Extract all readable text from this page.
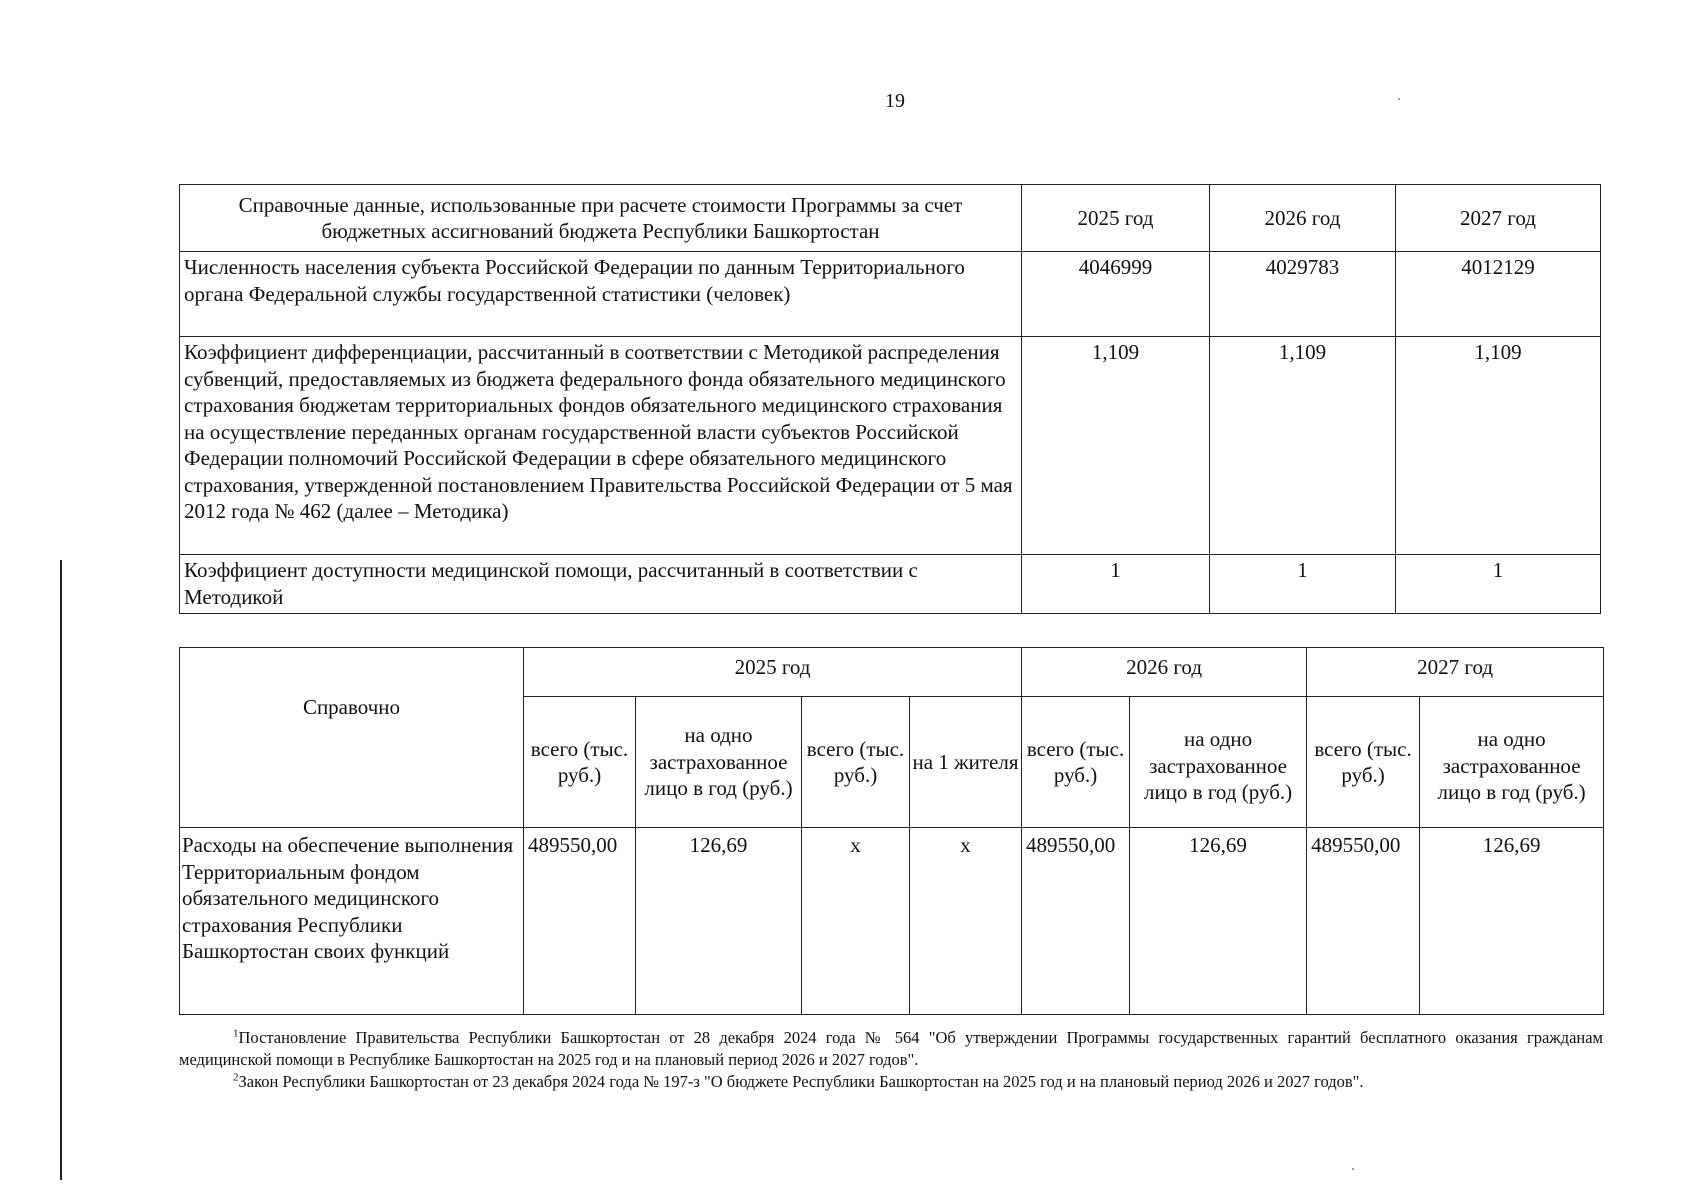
19
Справочные данные, использованные при расчете стоимости Программы за счет бюджетных ассигнований бюджета Республики Башкортостан	2025 год	2026 год	2027 год
Численность населения субъекта Российской Федерации по данным Территориального органа Федеральной службы государственной статистики (человек)	4046999	4029783	4012129
Коэффициент дифференциации, рассчитанный в соответствии с Методикой распределения субвенций, предоставляемых из бюджета федерального фонда обязательного медицинского страхования бюджетам территориальных фондов обязательного медицинского страхования на осуществление переданных органам государственной власти субъектов Российской Федерации полномочий Российской Федерации в сфере обязательного медицинского страхования, утвержденной постановлением Правительства Российской Федерации от 5 мая 2012 года № 462 (далее – Методика)	1,109	1,109	1,109
Коэффициент доступности медицинской помощи, рассчитанный в соответствии с Методикой	1	1	1
Справочно	2025 год				2026 год		2027 год	
	всего (тыс. руб.)	на одно застрахованное лицо в год (руб.)	всего (тыс. руб.)	на 1 жителя	всего (тыс. руб.)	на одно застрахованное лицо в год (руб.)	всего (тыс. руб.)	на одно застрахованное лицо в год (руб.)
Расходы на обеспечение выполнения Территориальным фондом обязательного медицинского страхования Республики Башкортостан своих функций	489550,00	126,69	x	x	489550,00	126,69	489550,00	126,69

$^1$Постановление Правительства Республики Башкортостан от 28 декабря 2024 года № 564 "Об утверждении Программы государственных гарантий бесплатного оказания гражданам медицинской помощи в Республике Башкортостан на 2025 год и на плановый период 2026 и 2027 годов".

$^2$Закон Республики Башкортостан от 23 декабря 2024 года № 197-з "О бюджете Республики Башкортостан на 2025 год и на плановый период 2026 и 2027 годов".
